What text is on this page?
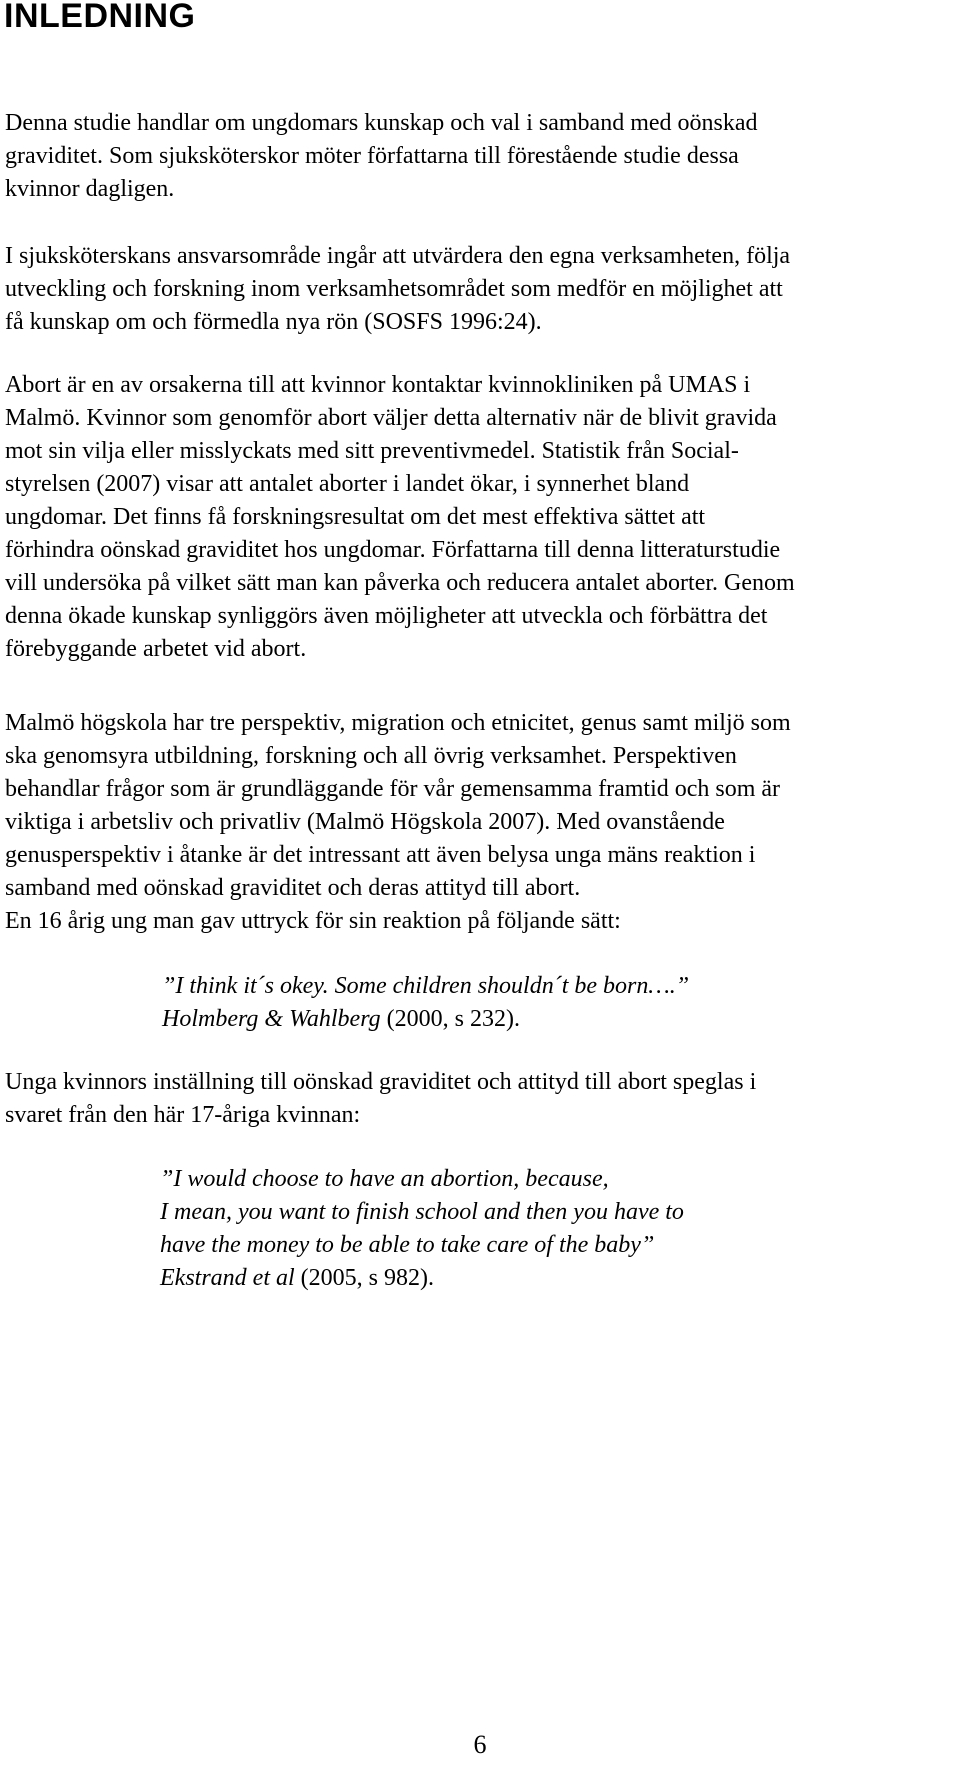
INLEDNING

Denna studie handlar om ungdomars kunskap och val i samband med oönskad
graviditet. Som sjuksköterskor möter författarna till förestående studie dessa
kvinnor dagligen.

I sjuksköterskans ansvarsområde ingår att utvärdera den egna verksamheten, följa
utveckling och forskning inom verksamhetsområdet som medför en möjlighet att
få kunskap om och förmedla nya rön (SOSFS 1996:24).

Abort är en av orsakerna till att kvinnor kontaktar kvinnokliniken på UMAS i
Malmö. Kvinnor som genomför abort väljer detta alternativ när de blivit gravida
mot sin vilja eller misslyckats med sitt preventivmedel. Statistik från Social-
styrelsen (2007) visar att antalet aborter i landet ökar, i synnerhet bland
ungdomar. Det finns få forskningsresultat om det mest effektiva sättet att
förhindra oönskad graviditet hos ungdomar. Författarna till denna litteraturstudie
vill undersöka på vilket sätt man kan påverka och reducera antalet aborter. Genom
denna ökade kunskap synliggörs även möjligheter att utveckla och förbättra det
förebyggande arbetet vid abort.

Malmö högskola har tre perspektiv, migration och etnicitet, genus samt miljö som
ska genomsyra utbildning, forskning och all övrig verksamhet. Perspektiven
behandlar frågor som är grundläggande för vår gemensamma framtid och som är
viktiga i arbetsliv och privatliv (Malmö Högskola 2007). Med ovanstående
genusperspektiv i åtanke är det intressant att även belysa unga mäns reaktion i
samband med oönskad graviditet och deras attityd till abort.
En 16 årig ung man gav uttryck för sin reaktion på följande sätt:

”I think it´s okey. Some children shouldn´t be born….”
Holmberg & Wahlberg (2000, s 232).

Unga kvinnors inställning till oönskad graviditet och attityd till abort speglas i
svaret från den här 17-åriga kvinnan:

”I would choose to have an abortion, because,
I mean, you want to finish school and then you have to
have the money to be able to take care of the baby”
Ekstrand et al (2005, s 982).
6
